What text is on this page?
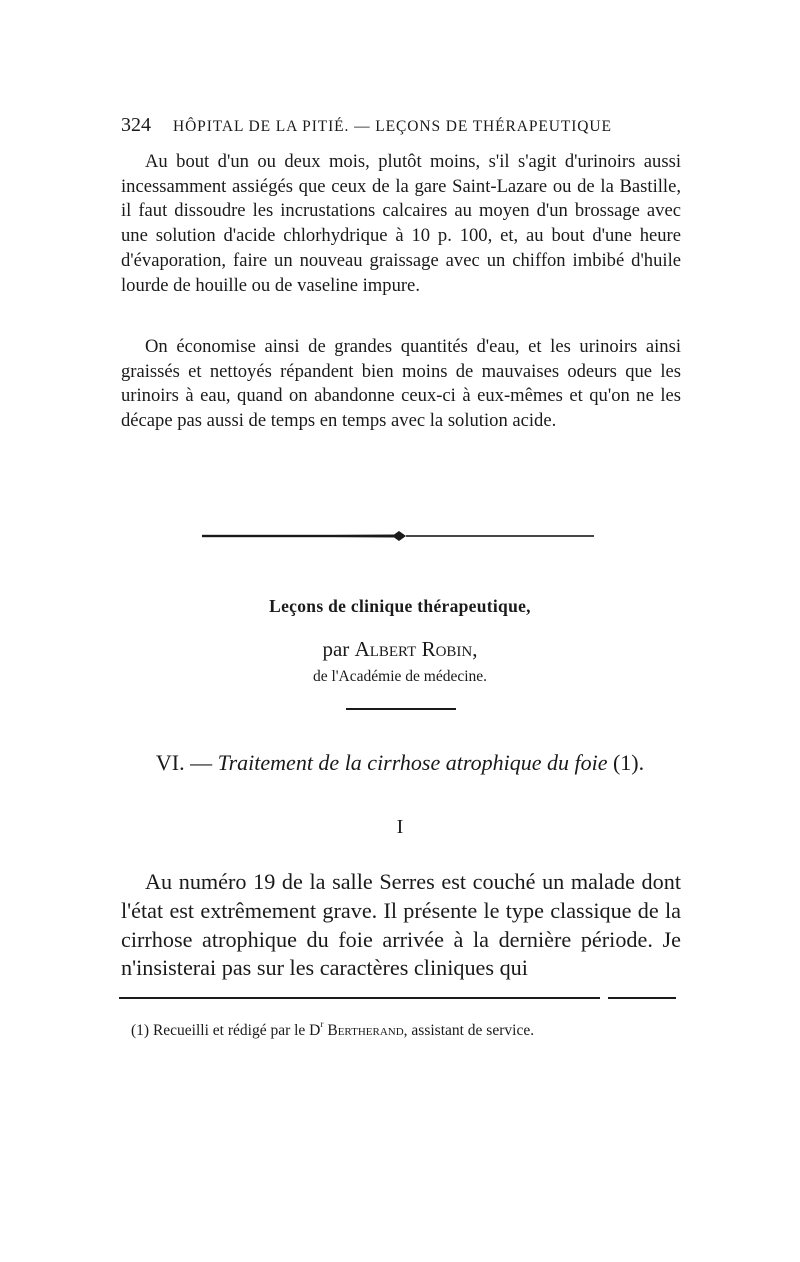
324 HÔPITAL DE LA PITIÉ. — LEÇONS DE THÉRAPEUTIQUE

Au bout d'un ou deux mois, plutôt moins, s'il s'agit d'urinoirs aussi incessamment assiégés que ceux de la gare Saint-Lazare ou de la Bastille, il faut dissoudre les incrustations calcaires au moyen d'un brossage avec une solution d'acide chlorhydrique à 10 p. 100, et, au bout d'une heure d'évaporation, faire un nouveau graissage avec un chiffon imbibé d'huile lourde de houille ou de vaseline impure.

On économise ainsi de grandes quantités d'eau, et les urinoirs ainsi graissés et nettoyés répandent bien moins de mauvaises odeurs que les urinoirs à eau, quand on abandonne ceux-ci à eux-mêmes et qu'on ne les décape pas aussi de temps en temps avec la solution acide.

Leçons de clinique thérapeutique,
par Albert Robin,
de l'Académie de médecine.
VI. — Traitement de la cirrhose atrophique du foie (1).
I

Au numéro 19 de la salle Serres est couché un malade dont l'état est extrêmement grave. Il présente le type classique de la cirrhose atrophique du foie arrivée à la dernière période. Je n'insisterai pas sur les caractères cliniques qui

(1) Recueilli et rédigé par le $D^r$ Bertherand, assistant de service.
